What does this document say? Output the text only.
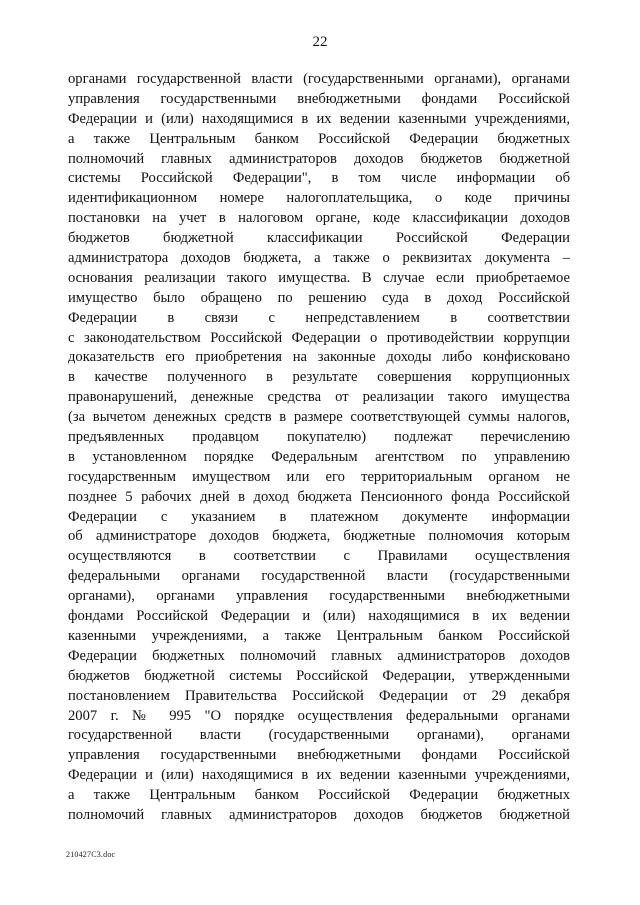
22
органами государственной власти (государственными органами), органами
управления государственными внебюджетными фондами Российской
Федерации и (или) находящимися в их ведении казенными учреждениями,
а также Центральным банком Российской Федерации бюджетных
полномочий главных администраторов доходов бюджетов бюджетной
системы Российской Федерации", в том числе информации об
идентификационном номере налогоплательщика, о коде причины
постановки на учет в налоговом органе, коде классификации доходов
бюджетов бюджетной классификации Российской Федерации
администратора доходов бюджета, а также о реквизитах документа –
основания реализации такого имущества. В случае если приобретаемое
имущество было обращено по решению суда в доход Российской
Федерации в связи с непредставлением в соответствии
с законодательством Российской Федерации о противодействии коррупции
доказательств его приобретения на законные доходы либо конфисковано
в качестве полученного в результате совершения коррупционных
правонарушений, денежные средства от реализации такого имущества
(за вычетом денежных средств в размере соответствующей суммы налогов,
предъявленных продавцом покупателю) подлежат перечислению
в установленном порядке Федеральным агентством по управлению
государственным имуществом или его территориальным органом не
позднее 5 рабочих дней в доход бюджета Пенсионного фонда Российской
Федерации с указанием в платежном документе информации
об администраторе доходов бюджета, бюджетные полномочия которым
осуществляются в соответствии с Правилами осуществления
федеральными органами государственной власти (государственными
органами), органами управления государственными внебюджетными
фондами Российской Федерации и (или) находящимися в их ведении
казенными учреждениями, а также Центральным банком Российской
Федерации бюджетных полномочий главных администраторов доходов
бюджетов бюджетной системы Российской Федерации, утвержденными
постановлением Правительства Российской Федерации от 29 декабря
2007 г. № 995 "О порядке осуществления федеральными органами
государственной власти (государственными органами), органами
управления государственными внебюджетными фондами Российской
Федерации и (или) находящимися в их ведении казенными учреждениями,
а также Центральным банком Российской Федерации бюджетных
полномочий главных администраторов доходов бюджетов бюджетной
210427C3.doc
